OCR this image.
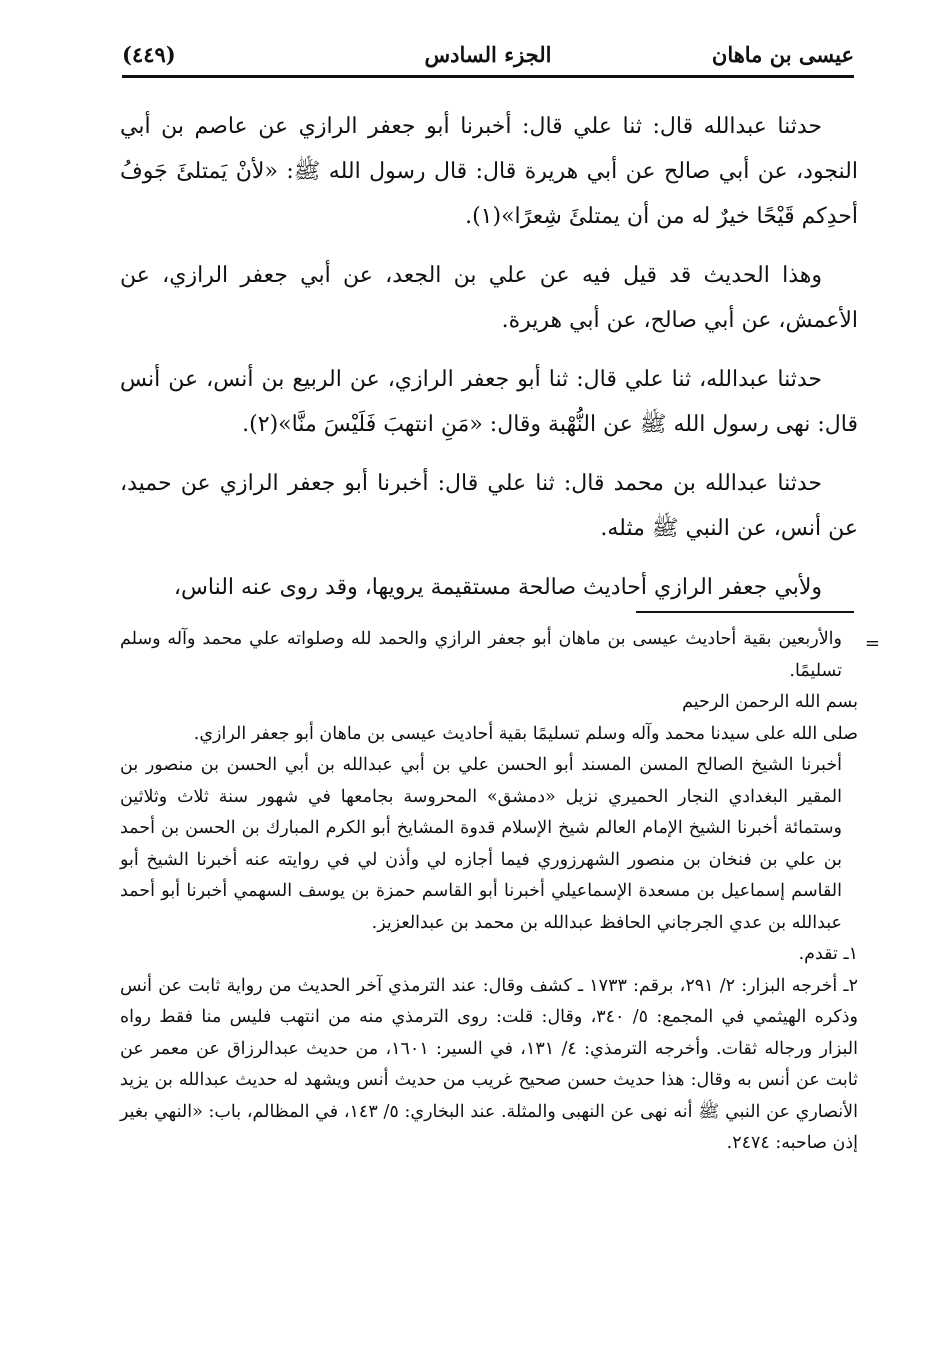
عيسى بن ماهان
الجزء السادس
(٤٤٩)

حدثنا عبدالله قال: ثنا علي قال: أخبرنا أبو جعفر الرازي عن عاصم بن أبي النجود، عن أبي صالح عن أبي هريرة قال: قال رسول الله ﷺ: «لأنْ يَمتلئَ جَوفُ أحدِكم قَيْحًا خيرٌ له من أن يمتلئَ شِعرًا»(١).

وهذا الحديث قد قيل فيه عن علي بن الجعد، عن أبي جعفر الرازي، عن الأعمش، عن أبي صالح، عن أبي هريرة.

حدثنا عبدالله، ثنا علي قال: ثنا أبو جعفر الرازي، عن الربيع بن أنس، عن أنس قال: نهى رسول الله ﷺ عن النُّهْبة وقال: «مَنِ انتهبَ فَلَيْسَ منَّا»(٢).

حدثنا عبدالله بن محمد قال: ثنا علي قال: أخبرنا أبو جعفر الرازي عن حميد، عن أنس، عن النبي ﷺ مثله.

ولأبي جعفر الرازي أحاديث صالحة مستقيمة يرويها، وقد روى عنه الناس،

=

والأربعين بقية أحاديث عيسى بن ماهان أبو جعفر الرازي والحمد لله وصلواته علي محمد وآله وسلم تسليمًا.

بسم الله الرحمن الرحيم

صلى الله على سيدنا محمد وآله وسلم تسليمًا بقية أحاديث عيسى بن ماهان أبو جعفر الرازي.

أخبرنا الشيخ الصالح المسن المسند أبو الحسن علي بن أبي عبدالله بن أبي الحسن بن منصور بن المقير البغدادي النجار الحميري نزيل «دمشق» المحروسة بجامعها في شهور سنة ثلاث وثلاثين وستمائة أخبرنا الشيخ الإمام العالم شيخ الإسلام قدوة المشايخ أبو الكرم المبارك بن الحسن بن أحمد بن علي بن فنخان بن منصور الشهرزوري فيما أجازه لي وأذن لي في روايته عنه أخبرنا الشيخ أبو القاسم إسماعيل بن مسعدة الإسماعيلي أخبرنا أبو القاسم حمزة بن يوسف السهمي أخبرنا أبو أحمد عبدالله بن عدي الجرجاني الحافظ عبدالله بن محمد بن عبدالعزيز.

١ـ تقدم.

٢ـ أخرجه البزار: ٢/ ٢٩١، برقم: ١٧٣٣ ـ كشف وقال: عند الترمذي آخر الحديث من رواية ثابت عن أنس وذكره الهيثمي في المجمع: ٥/ ٣٤٠، وقال: قلت: روى الترمذي منه من انتهب فليس منا فقط رواه البزار ورجاله ثقات. وأخرجه الترمذي: ٤/ ١٣١، في السير: ١٦٠١، من حديث عبدالرزاق عن معمر عن ثابت عن أنس به وقال: هذا حديث حسن صحيح غريب من حديث أنس ويشهد له حديث عبدالله بن يزيد الأنصاري عن النبي ﷺ أنه نهى عن النهبى والمثلة. عند البخاري: ٥/ ١٤٣، في المظالم، باب: «النهي بغير إذن صاحبه: ٢٤٧٤.
